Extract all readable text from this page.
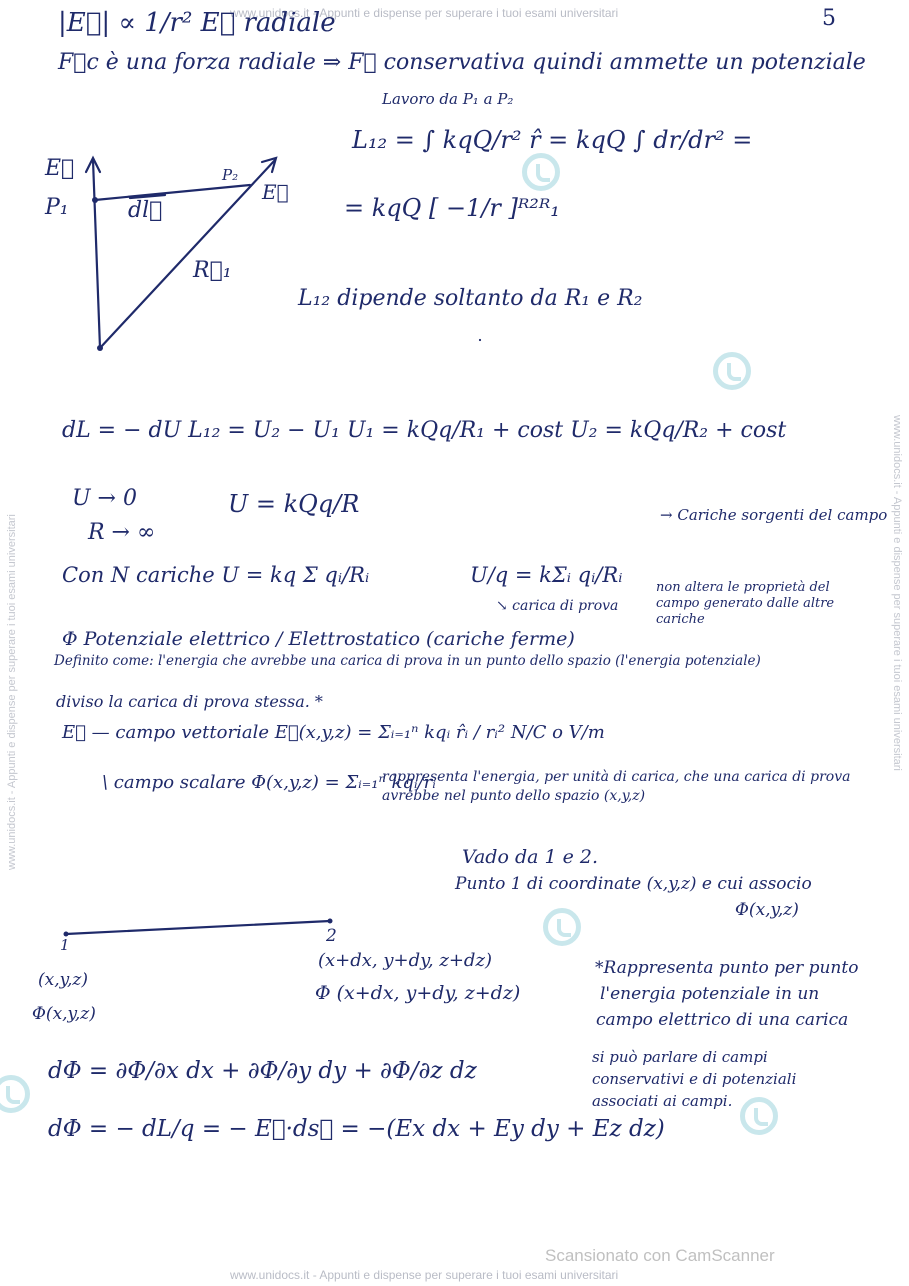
www.unidocs.it - Appunti e dispense per superare i tuoi esami universitari
www.unidocs.it - Appunti e dispense per superare i tuoi esami universitari
www.unidocs.it - Appunti e dispense per superare i tuoi esami universitari	www.unidocs.it - Appunti e dispense per superare i tuoi esami universitari
Scansionato con CamScanner
5
|E⃗| ∝ 1/r² E⃗ radiale
F⃗c è una forza radiale ⇒ F⃗ conservativa quindi ammette un potenziale
Lavoro da P₁ a P₂
L₁₂ = ∫ kqQ/r² r̂ = kqQ ∫ dr/dr² =
= kqQ [ −1/r ]ᴿ²ᴿ₁
E⃗
P₁
P₂
dl⃗
E⃗
R⃗₁
L₁₂ dipende soltanto da R₁ e R₂
dL = − dU L₁₂ = U₂ − U₁ U₁ = kQq/R₁ + cost U₂ = kQq/R₂ + cost
U → 0
R → ∞
U = kQq/R
Con N cariche U = kq Σ qᵢ/Rᵢ	U/q = kΣᵢ qᵢ/Rᵢ
→ Cariche sorgenti del campo
↘ carica di prova
non altera le proprietà del campo generato dalle altre cariche
Φ Potenziale elettrico / Elettrostatico (cariche ferme)
Definito come: l'energia che avrebbe una carica di prova in un punto dello spazio (l'energia potenziale)
diviso la carica di prova stessa. *
E⃗ — campo vettoriale E⃗(x,y,z) = Σᵢ₌₁ⁿ kqᵢ r̂ᵢ / rᵢ² N/C o V/m
\ campo scalare Φ(x,y,z) = Σᵢ₌₁ⁿ kqᵢ/rᵢ
rappresenta l'energia, per unità di carica, che una carica di prova avrebbe nel punto dello spazio (x,y,z)
Vado da 1 e 2.
Punto 1 di coordinate (x,y,z) e cui associo
Φ(x,y,z)
1	2
(x,y,z)
Φ(x,y,z)
(x+dx, y+dy, z+dz)
Φ (x+dx, y+dy, z+dz)
*Rappresenta punto per punto
l'energia potenziale in un
campo elettrico di una carica
si può parlare di campi
conservativi e di potenziali
associati ai campi.
dΦ = ∂Φ/∂x dx + ∂Φ/∂y dy + ∂Φ/∂z dz
dΦ = − dL/q = − E⃗·ds⃗ = −(Ex dx + Ey dy + Ez dz)
